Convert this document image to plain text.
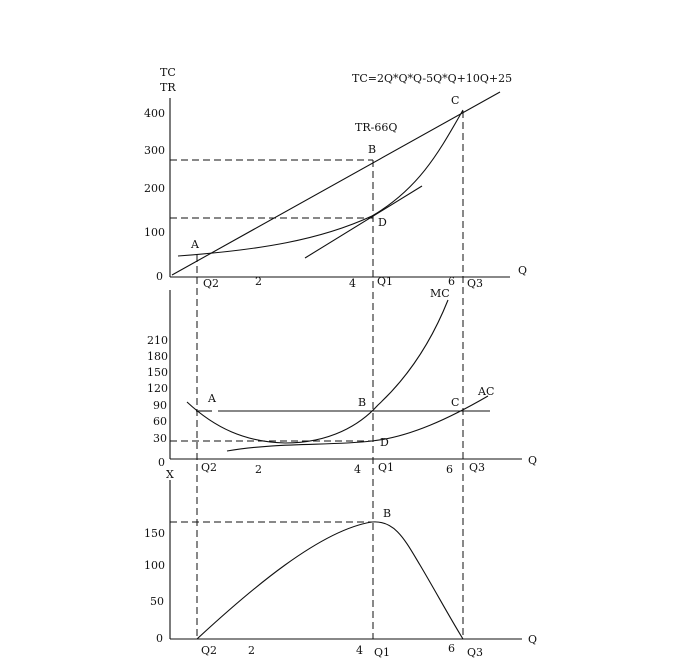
TC
TR
TC=2Q*Q*Q-5Q*Q+10Q+25
400
300
200
100
0
Q2	2	4 Q1	6 Q3
Q
TR-66Q
A
B
C
D
210
180
150
120
90
60
30
0	Q2	2	4 Q1	6 Q3
Q
MC
AC
A	B	C
D
X
150
100
50
0
Q2	2	4 Q1	6 Q3
Q
B
